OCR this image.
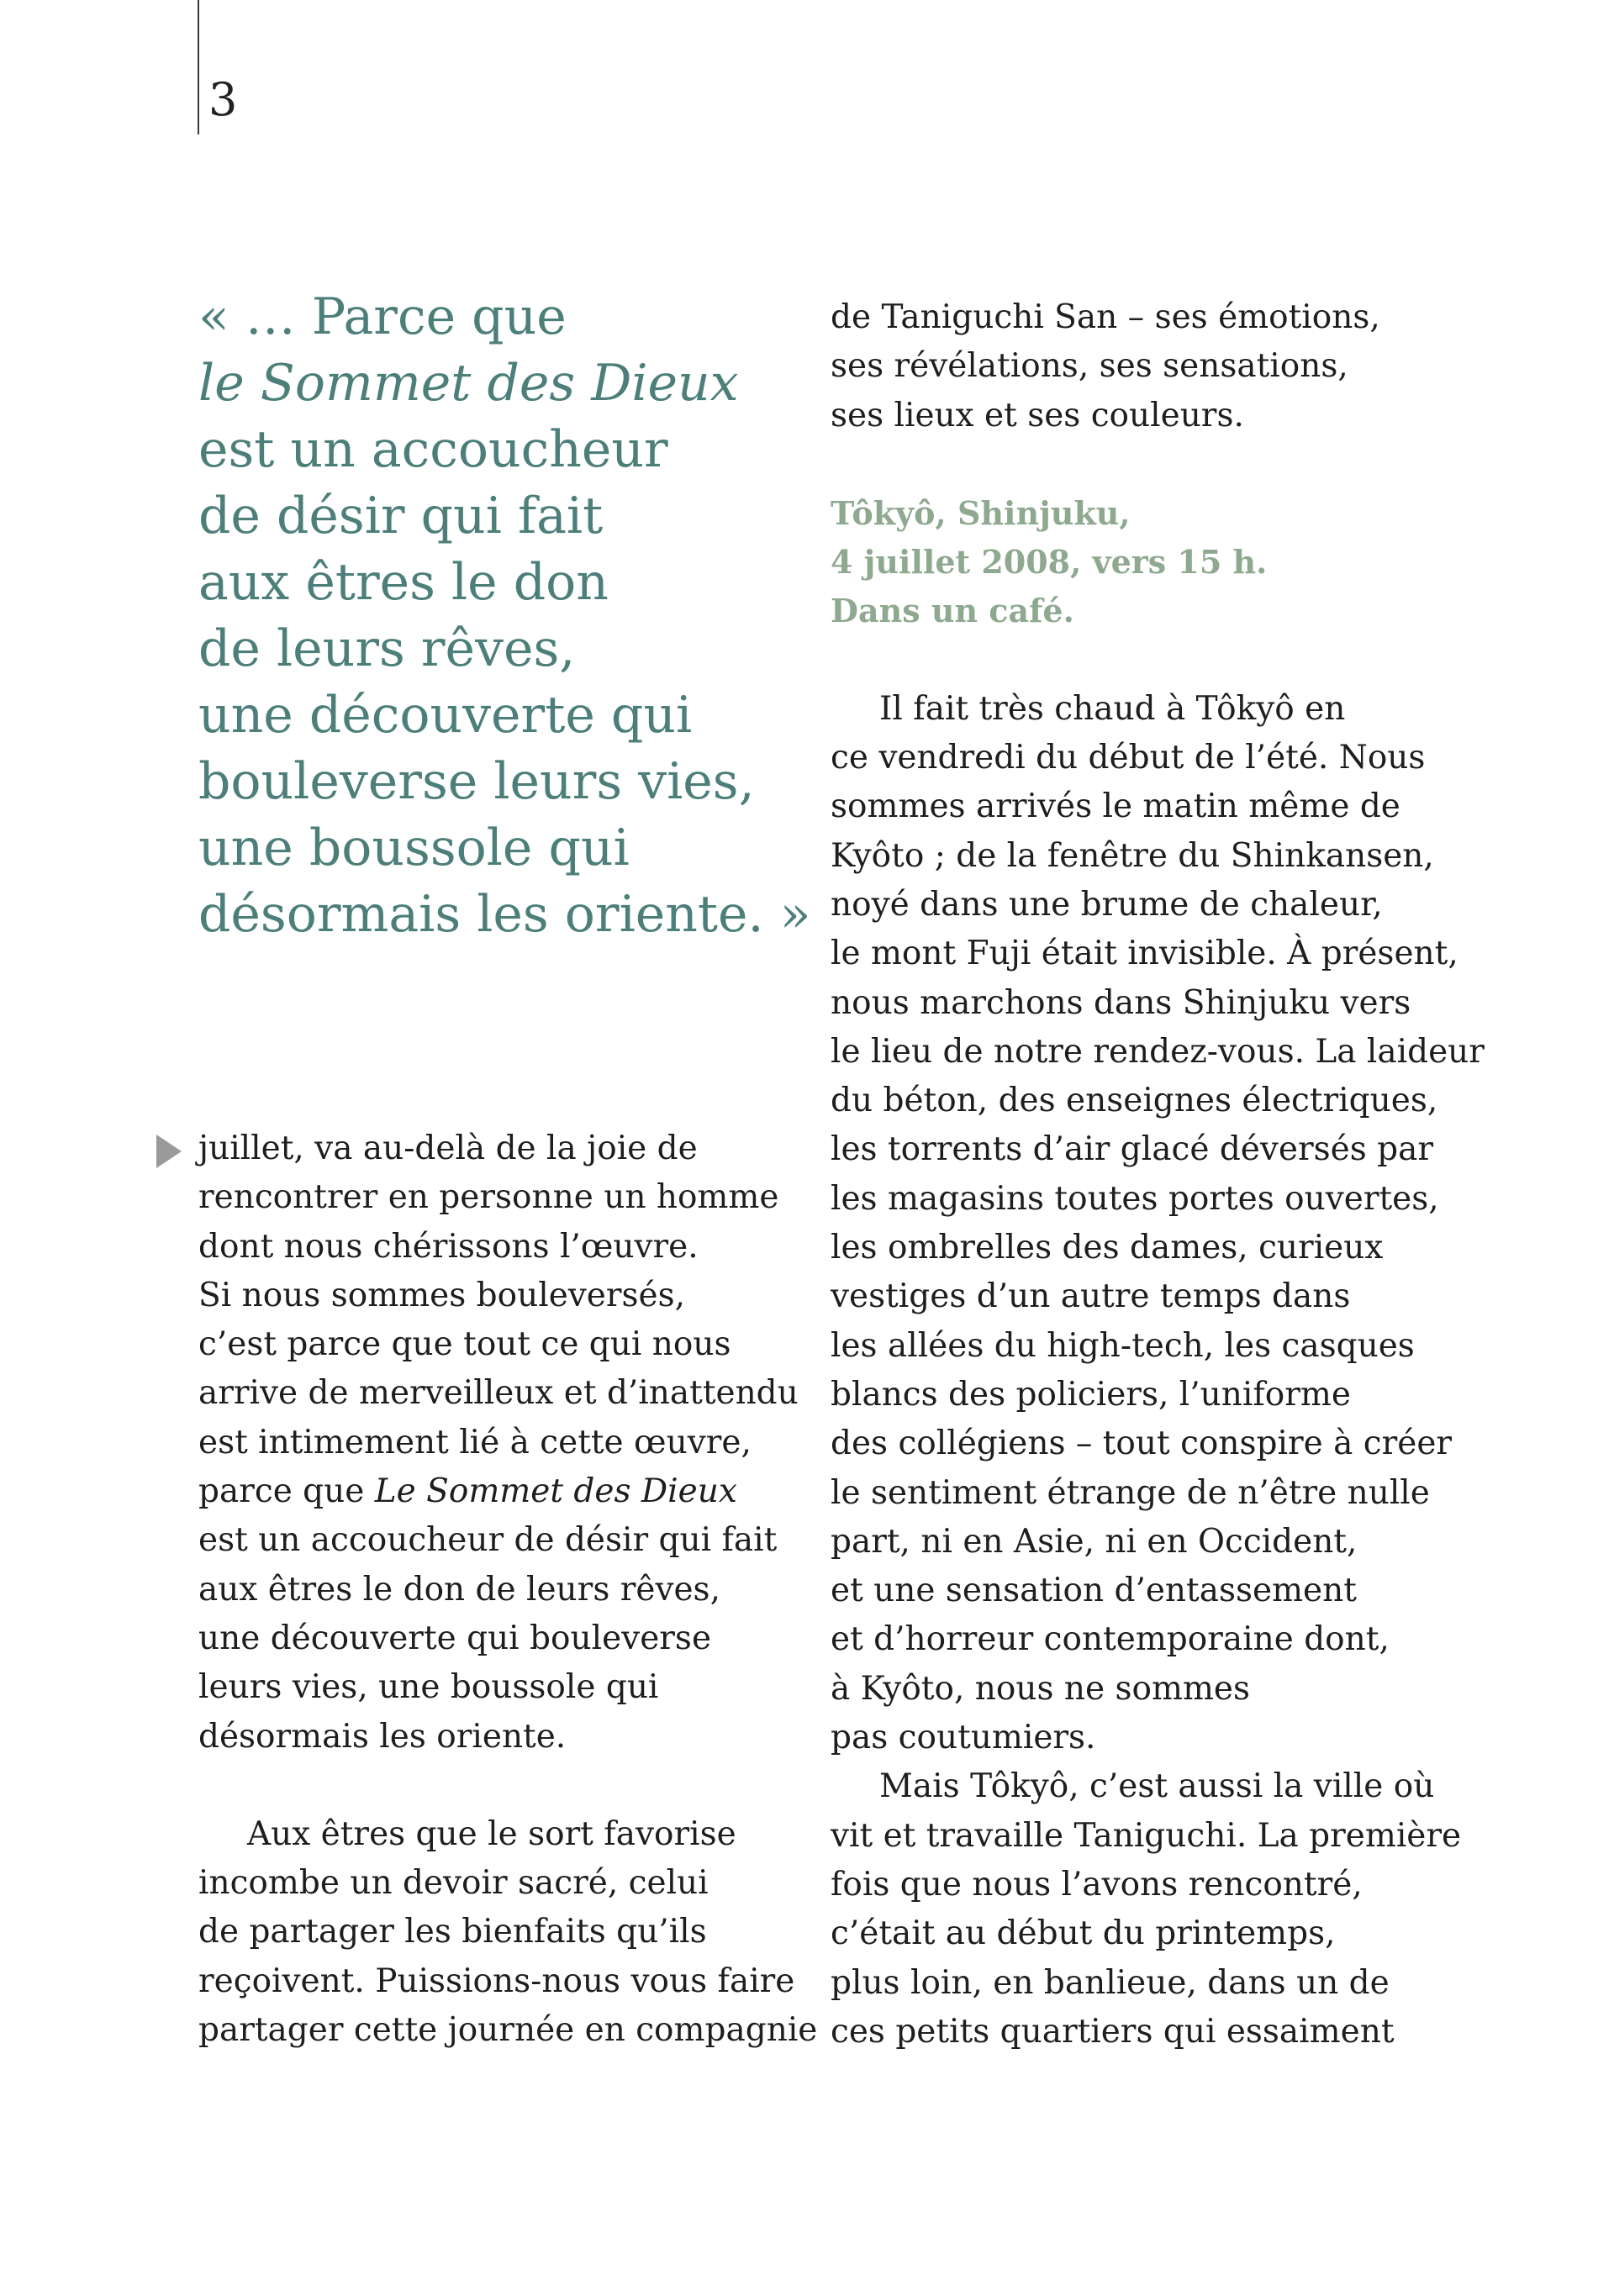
3
« … Parce que
le Sommet des Dieux
est un accoucheur
de désir qui fait
aux êtres le don
de leurs rêves,
une découverte qui
bouleverse leurs vies,
une boussole qui
désormais les oriente. »
juillet, va au-delà de la joie de
rencontrer en personne un homme
dont nous chérissons l’œuvre.
Si nous sommes bouleversés,
c’est parce que tout ce qui nous
arrive de merveilleux et d’inattendu
est intimement lié à cette œuvre,
parce que Le Sommet des Dieux
est un accoucheur de désir qui fait
aux êtres le don de leurs rêves,
une découverte qui bouleverse
leurs vies, une boussole qui
désormais les oriente.
Aux êtres que le sort favorise
incombe un devoir sacré, celui
de partager les bienfaits qu’ils
reçoivent. Puissions-nous vous faire
partager cette journée en compagnie
de Taniguchi San – ses émotions,
ses révélations, ses sensations,
ses lieux et ses couleurs.
Tôkyô, Shinjuku,
4 juillet 2008, vers 15 h.
Dans un café.
Il fait très chaud à Tôkyô en
ce vendredi du début de l’été. Nous
sommes arrivés le matin même de
Kyôto ; de la fenêtre du Shinkansen,
noyé dans une brume de chaleur,
le mont Fuji était invisible. À présent,
nous marchons dans Shinjuku vers
le lieu de notre rendez-vous. La laideur
du béton, des enseignes électriques,
les torrents d’air glacé déversés par
les magasins toutes portes ouvertes,
les ombrelles des dames, curieux
vestiges d’un autre temps dans
les allées du high-tech, les casques
blancs des policiers, l’uniforme
des collégiens – tout conspire à créer
le sentiment étrange de n’être nulle
part, ni en Asie, ni en Occident,
et une sensation d’entassement
et d’horreur contemporaine dont,
à Kyôto, nous ne sommes
pas coutumiers.
Mais Tôkyô, c’est aussi la ville où
vit et travaille Taniguchi. La première
fois que nous l’avons rencontré,
c’était au début du printemps,
plus loin, en banlieue, dans un de
ces petits quartiers qui essaiment
